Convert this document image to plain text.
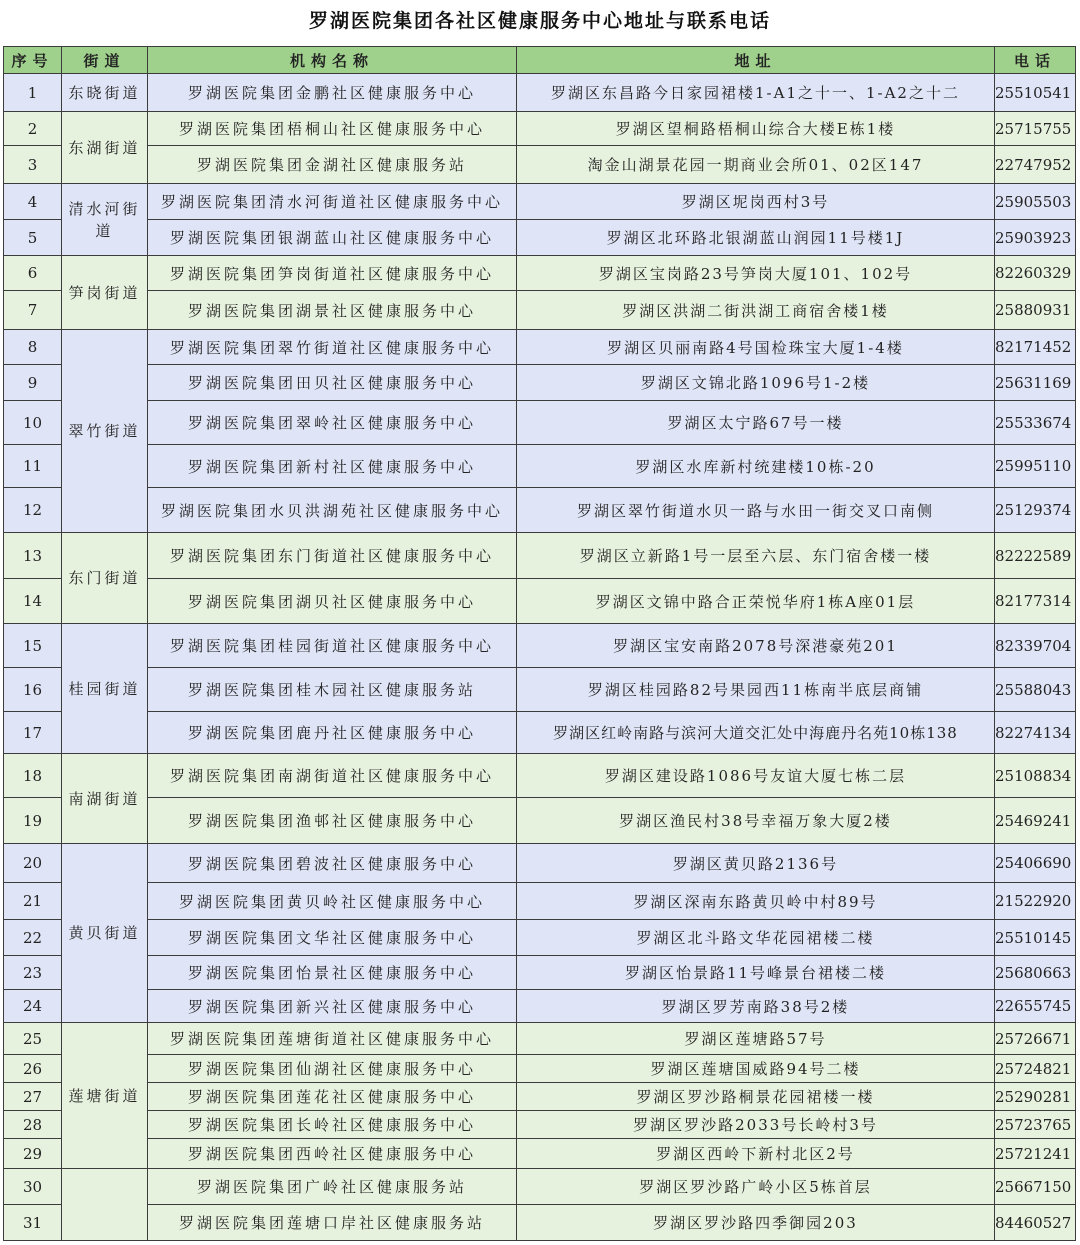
罗湖医院集团各社区健康服务中心地址与联系电话
序号	街道	机构名称	地址	电话
1	东晓街道	罗湖医院集团金鹏社区健康服务中心	罗湖区东昌路今日家园裙楼1-A1之十一、1-A2之十二	25510541
2	东湖街道	罗湖医院集团梧桐山社区健康服务中心	罗湖区望桐路梧桐山综合大楼E栋1楼	25715755
3		罗湖医院集团金湖社区健康服务站	淘金山湖景花园一期商业会所01、02区147	22747952
4	清水河街道	罗湖医院集团清水河街道社区健康服务中心	罗湖区坭岗西村3号	25905503
5		罗湖医院集团银湖蓝山社区健康服务中心	罗湖区北环路北银湖蓝山润园11号楼1J	25903923
6	笋岗街道	罗湖医院集团笋岗街道社区健康服务中心	罗湖区宝岗路23号笋岗大厦101、102号	82260329
7		罗湖医院集团湖景社区健康服务中心	罗湖区洪湖二街洪湖工商宿舍楼1楼	25880931
8	翠竹街道	罗湖医院集团翠竹街道社区健康服务中心	罗湖区贝丽南路4号国检珠宝大厦1-4楼	82171452
9		罗湖医院集团田贝社区健康服务中心	罗湖区文锦北路1096号1-2楼	25631169
10		罗湖医院集团翠岭社区健康服务中心	罗湖区太宁路67号一楼	25533674
11		罗湖医院集团新村社区健康服务中心	罗湖区水库新村统建楼10栋-20	25995110
12		罗湖医院集团水贝洪湖苑社区健康服务中心	罗湖区翠竹街道水贝一路与水田一街交叉口南侧	25129374
13	东门街道	罗湖医院集团东门街道社区健康服务中心	罗湖区立新路1号一层至六层、东门宿舍楼一楼	82222589
14		罗湖医院集团湖贝社区健康服务中心	罗湖区文锦中路合正荣悦华府1栋A座01层	82177314
15	桂园街道	罗湖医院集团桂园街道社区健康服务中心	罗湖区宝安南路2078号深港豪苑201	82339704
16		罗湖医院集团桂木园社区健康服务站	罗湖区桂园路82号果园西11栋南半底层商铺	25588043
17		罗湖医院集团鹿丹社区健康服务中心	罗湖区红岭南路与滨河大道交汇处中海鹿丹名苑10栋138	82274134
18	南湖街道	罗湖医院集团南湖街道社区健康服务中心	罗湖区建设路1086号友谊大厦七栋二层	25108834
19		罗湖医院集团渔邨社区健康服务中心	罗湖区渔民村38号幸福万象大厦2楼	25469241
20	黄贝街道	罗湖医院集团碧波社区健康服务中心	罗湖区黄贝路2136号	25406690
21		罗湖医院集团黄贝岭社区健康服务中心	罗湖区深南东路黄贝岭中村89号	21522920
22		罗湖医院集团文华社区健康服务中心	罗湖区北斗路文华花园裙楼二楼	25510145
23		罗湖医院集团怡景社区健康服务中心	罗湖区怡景路11号峰景台裙楼二楼	25680663
24		罗湖医院集团新兴社区健康服务中心	罗湖区罗芳南路38号2楼	22655745
25	莲塘街道	罗湖医院集团莲塘街道社区健康服务中心	罗湖区莲塘路57号	25726671
26		罗湖医院集团仙湖社区健康服务中心	罗湖区莲塘国威路94号二楼	25724821
27		罗湖医院集团莲花社区健康服务中心	罗湖区罗沙路桐景花园裙楼一楼	25290281
28		罗湖医院集团长岭社区健康服务中心	罗湖区罗沙路2033号长岭村3号	25723765
29		罗湖医院集团西岭社区健康服务中心	罗湖区西岭下新村北区2号	25721241
30		罗湖医院集团广岭社区健康服务站	罗湖区罗沙路广岭小区5栋首层	25667150
31		罗湖医院集团莲塘口岸社区健康服务站	罗湖区罗沙路四季御园203	84460527
